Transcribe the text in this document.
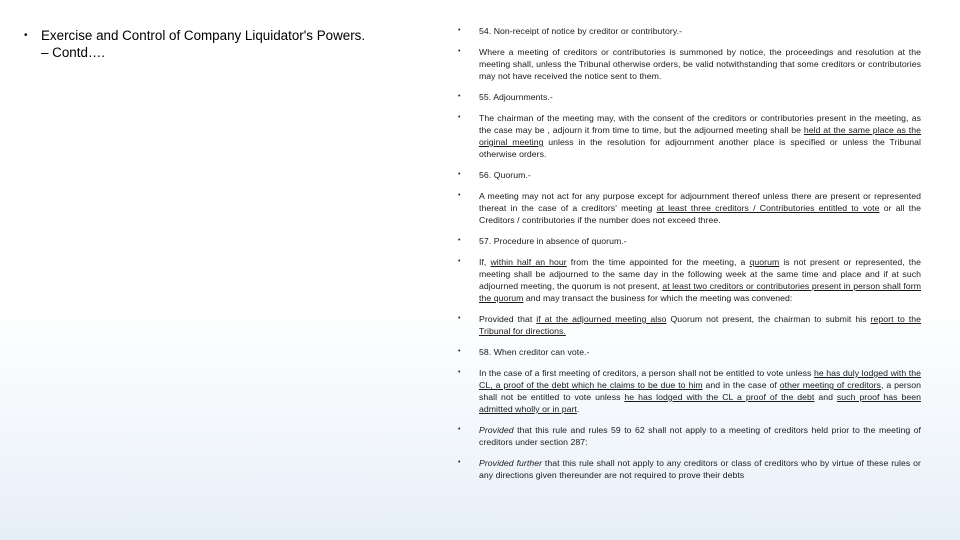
•	Exercise and Control of Company Liquidator's Powers.
– Contd….
•	54. Non-receipt of notice by creditor or contributory.-
•	Where a meeting of creditors or contributories is summoned by notice, the proceedings and resolution at the meeting shall, unless the Tribunal otherwise orders, be valid notwithstanding that some creditors or contributories may not have received the notice sent to them.
•	55. Adjournments.-
•	The chairman of the meeting may, with the consent of the creditors or contributories present in the meeting, as the case may be , adjourn it from time to time, but the adjourned meeting shall be held at the same place as the original meeting unless in the resolution for adjournment another place is specified or unless the Tribunal otherwise orders.
•	56. Quorum.-
•	A meeting may not act for any purpose except for adjournment thereof unless there are present or represented thereat in the case of a creditors' meeting at least three creditors / Contributories entitled to vote or all the Creditors / contributories if the number does not exceed three.
•	57. Procedure in absence of quorum.-
•	If, within half an hour from the time appointed for the meeting, a quorum is not present or represented, the meeting shall be adjourned to the same day in the following week at the same time and place and if at such adjourned meeting, the quorum is not present, at least two creditors or contributories present in person shall form the quorum and may transact the business for which the meeting was convened:
•	Provided that if at the adjourned meeting also Quorum not present, the chairman to submit his report to the Tribunal for directions.
•	58. When creditor can vote.-
•	In the case of a first meeting of creditors, a person shall not be entitled to vote unless he has duly lodged with the CL, a proof of the debt which he claims to be due to him and in the case of other meeting of creditors, a person shall not be entitled to vote unless he has lodged with the CL a proof of the debt and such proof has been admitted wholly or in part.
•	Provided that this rule and rules 59 to 62 shall not apply to a meeting of creditors held prior to the meeting of creditors under section 287:
•	Provided further that this rule shall not apply to any creditors or class of creditors who by virtue of these rules or any directions given thereunder are not required to prove their debts
